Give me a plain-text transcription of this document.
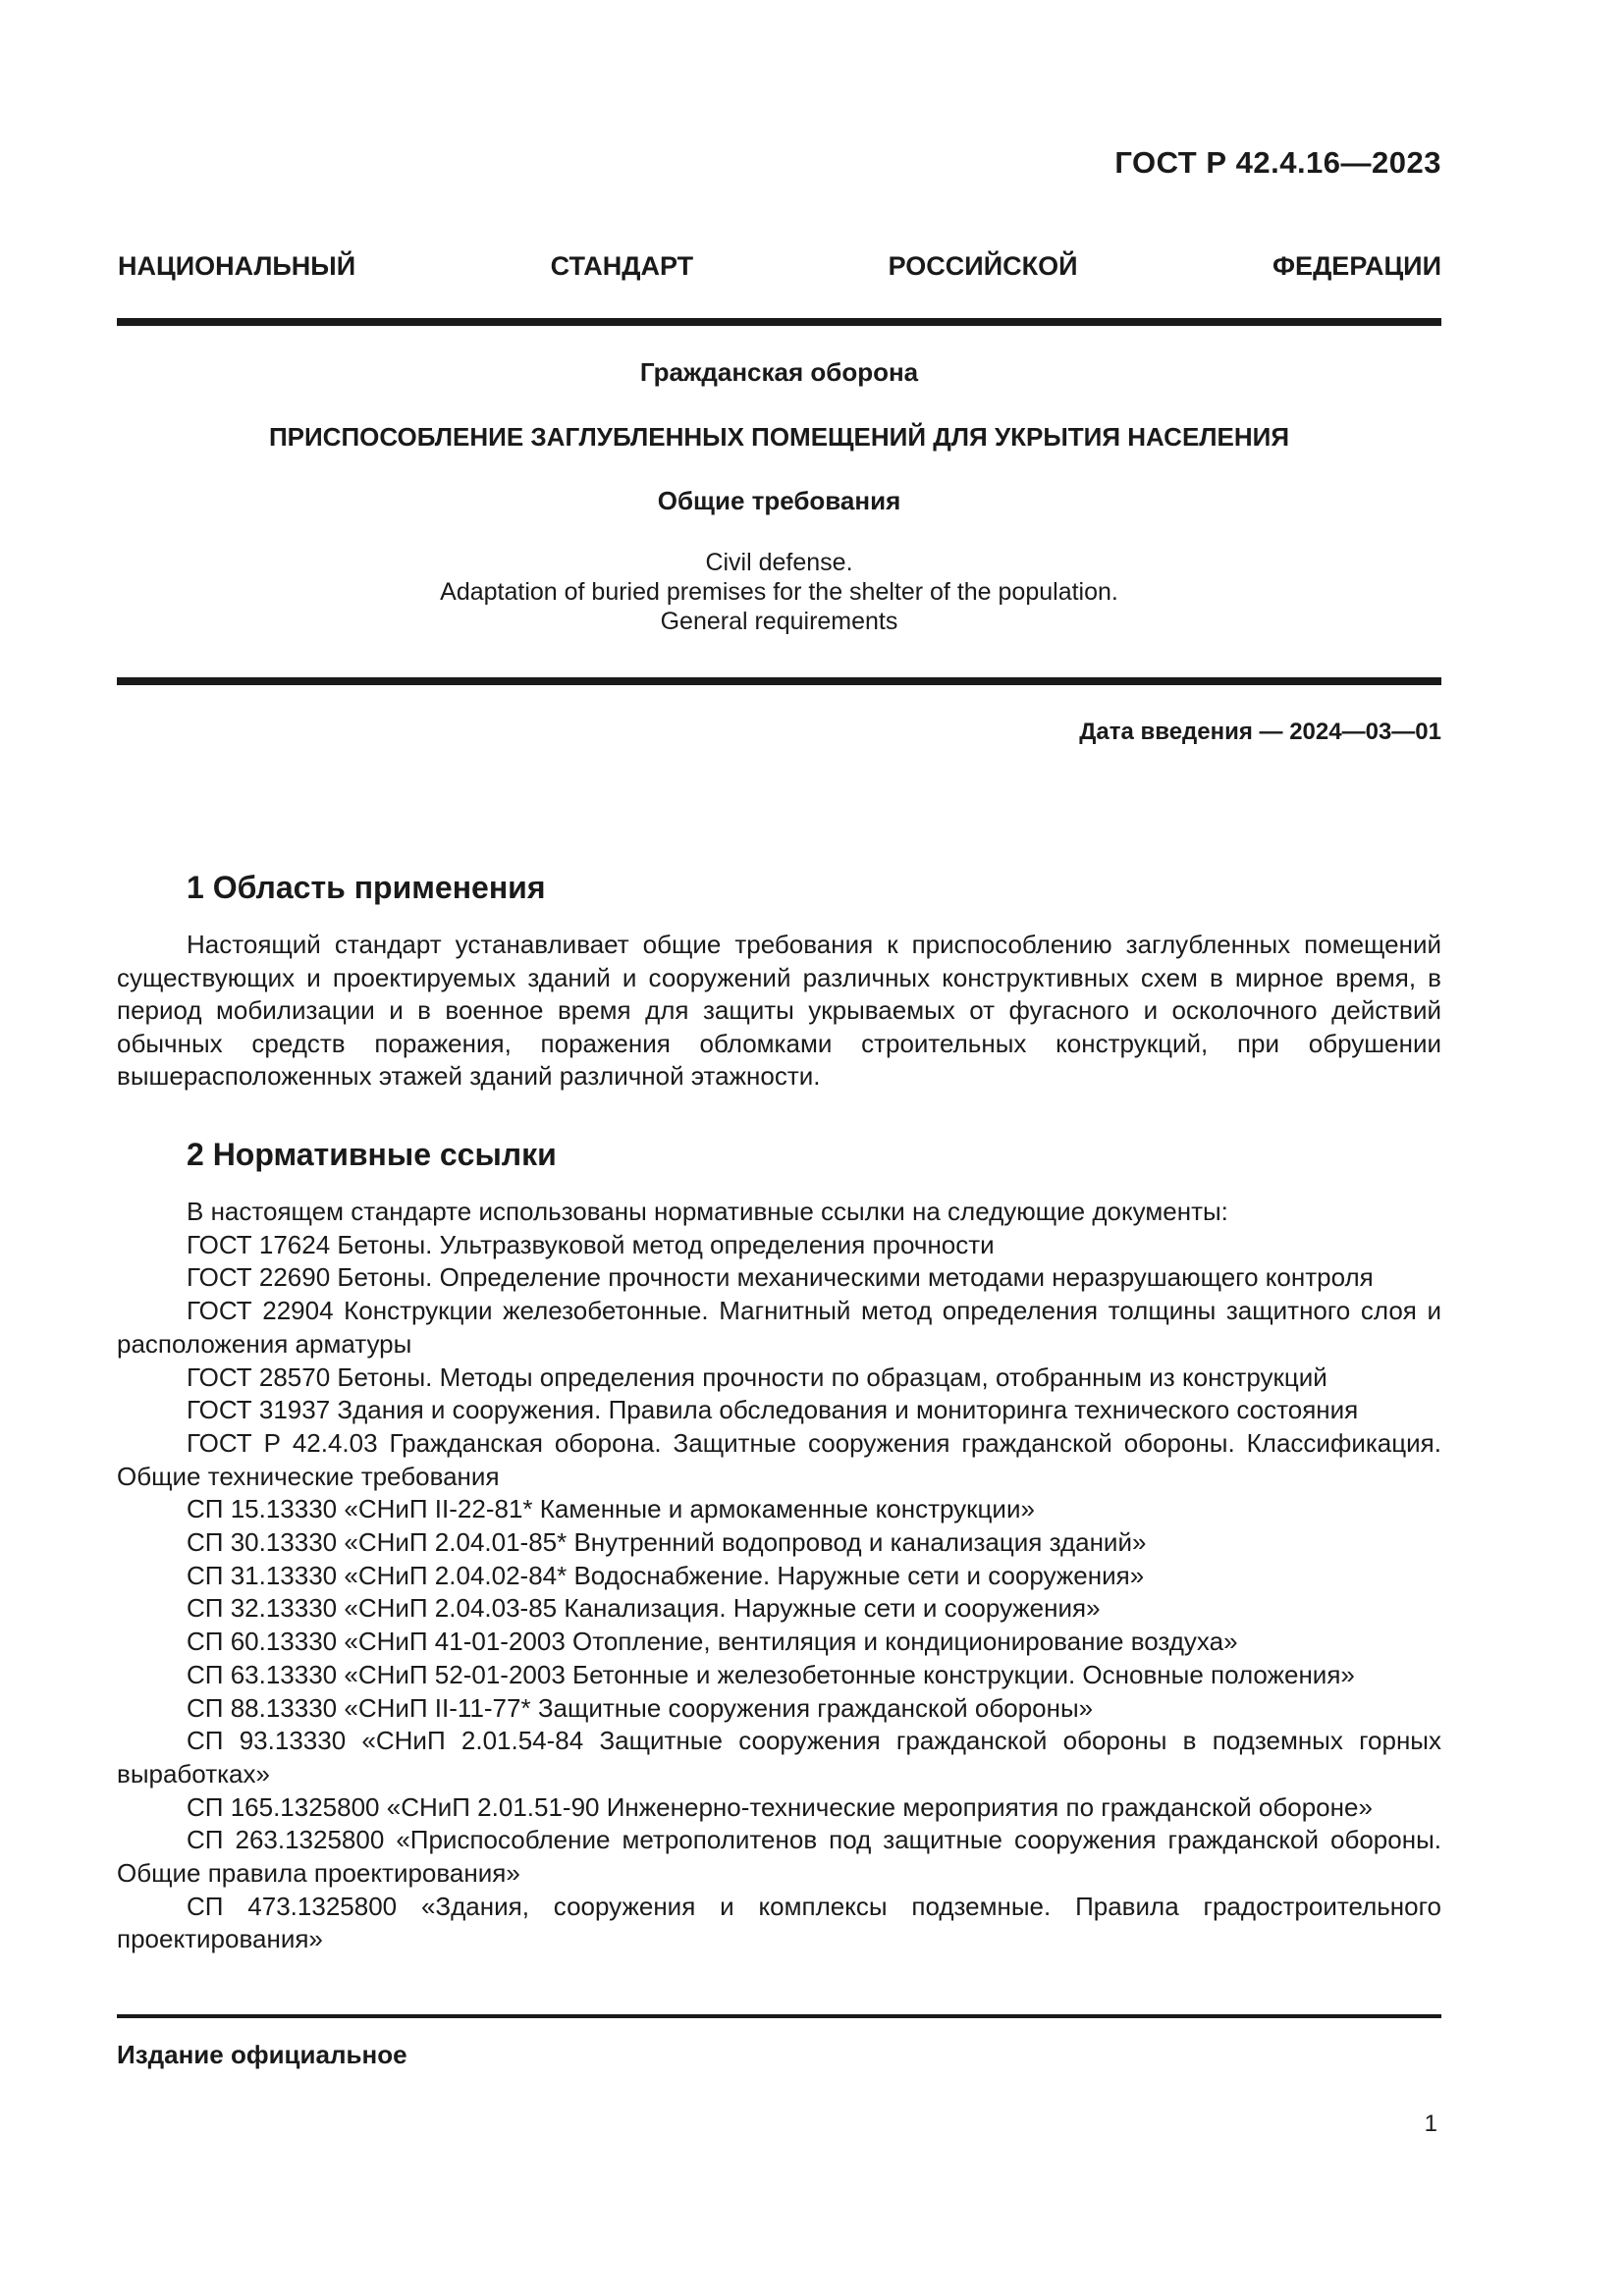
ГОСТ Р 42.4.16—2023
НАЦИОНАЛЬНЫЙ	СТАНДАРТ	РОССИЙСКОЙ	ФЕДЕРАЦИИ
Гражданская оборона
ПРИСПОСОБЛЕНИЕ ЗАГЛУБЛЕННЫХ ПОМЕЩЕНИЙ ДЛЯ УКРЫТИЯ НАСЕЛЕНИЯ
Общие требования
Civil defense.
Adaptation of buried premises for the shelter of the population.
General requirements
Дата введения — 2024—03—01
1 Область применения

Настоящий стандарт устанавливает общие требования к приспособлению заглубленных помещений существующих и проектируемых зданий и сооружений различных конструктивных схем в мирное время, в период мобилизации и в военное время для защиты укрываемых от фугасного и осколочного действий обычных средств поражения, поражения обломками строительных конструкций, при обрушении вышерасположенных этажей зданий различной этажности.

2 Нормативные ссылки

В настоящем стандарте использованы нормативные ссылки на следующие документы:

ГОСТ 17624 Бетоны. Ультразвуковой метод определения прочности

ГОСТ 22690 Бетоны. Определение прочности механическими методами неразрушающего контроля

ГОСТ 22904 Конструкции железобетонные. Магнитный метод определения толщины защитного слоя и расположения арматуры

ГОСТ 28570 Бетоны. Методы определения прочности по образцам, отобранным из конструкций

ГОСТ 31937 Здания и сооружения. Правила обследования и мониторинга технического состояния

ГОСТ Р 42.4.03 Гражданская оборона. Защитные сооружения гражданской обороны. Классификация. Общие технические требования

СП 15.13330 «СНиП II-22-81* Каменные и армокаменные конструкции»

СП 30.13330 «СНиП 2.04.01-85* Внутренний водопровод и канализация зданий»

СП 31.13330 «СНиП 2.04.02-84* Водоснабжение. Наружные сети и сооружения»

СП 32.13330 «СНиП 2.04.03-85 Канализация. Наружные сети и сооружения»

СП 60.13330 «СНиП 41-01-2003 Отопление, вентиляция и кондиционирование воздуха»

СП 63.13330 «СНиП 52-01-2003 Бетонные и железобетонные конструкции. Основные положения»

СП 88.13330 «СНиП II-11-77* Защитные сооружения гражданской обороны»

СП 93.13330 «СНиП 2.01.54-84 Защитные сооружения гражданской обороны в подземных горных выработках»

СП 165.1325800 «СНиП 2.01.51-90 Инженерно-технические мероприятия по гражданской обороне»

СП 263.1325800 «Приспособление метрополитенов под защитные сооружения гражданской обороны. Общие правила проектирования»

СП 473.1325800 «Здания, сооружения и комплексы подземные. Правила градостроительного проектирования»

Издание официальное
1
